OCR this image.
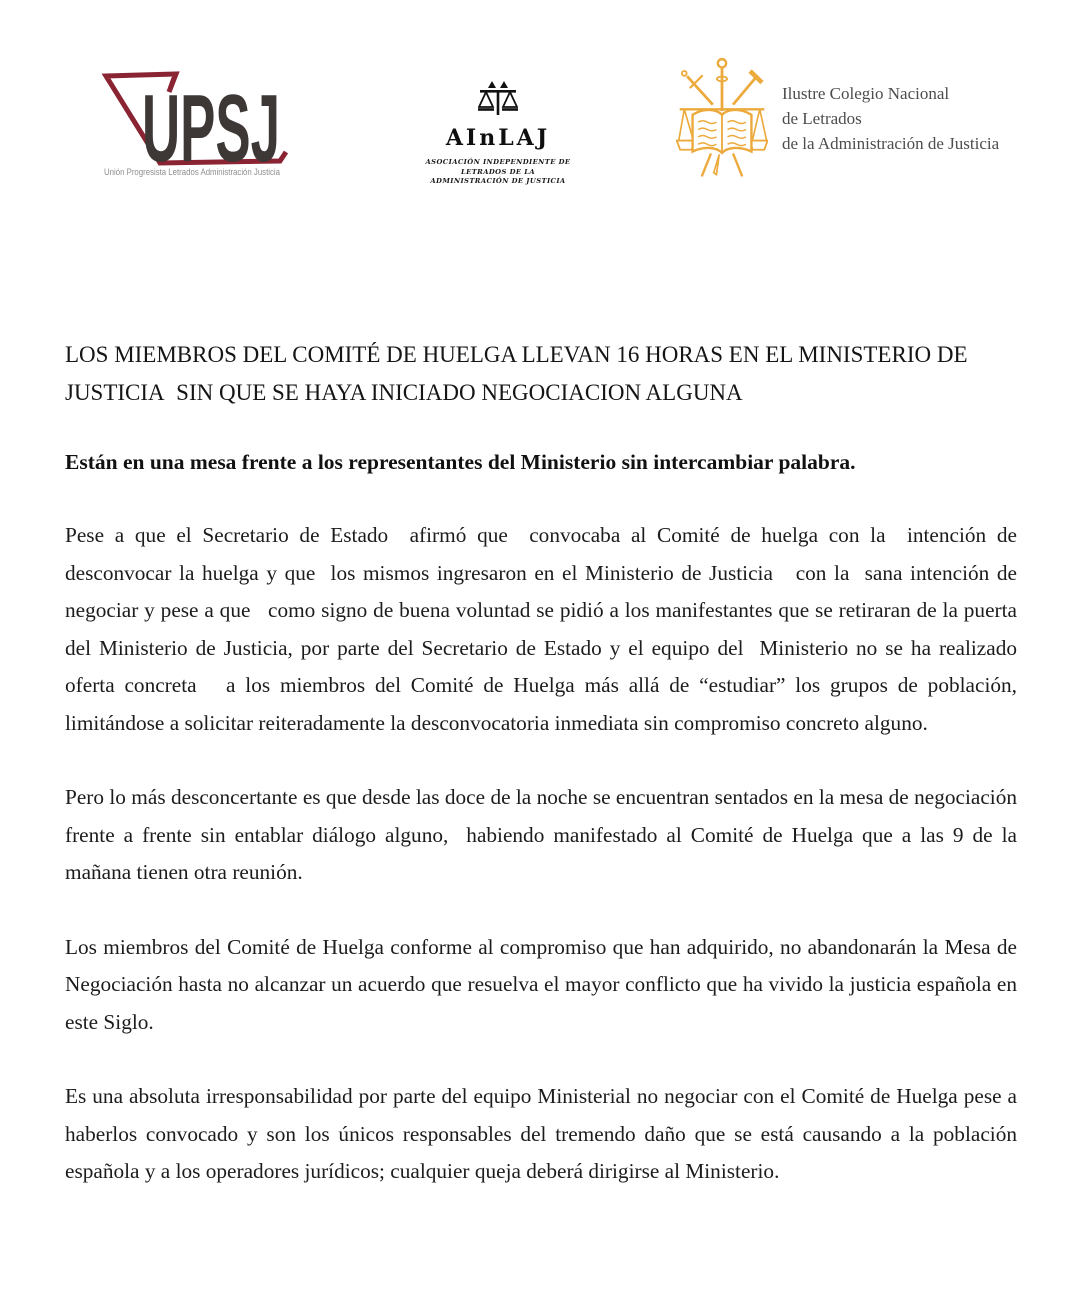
UPSJ
Unión Progresista Letrados Administración Justicia
AInLAJ
ASOCIACIÓN INDEPENDIENTE DE LETRADOS DE LA
ADMINISTRACIÓN DE JUSTICIA
Ilustre Colegio Nacional
de Letrados
de la Administración de Justicia
LOS MIEMBROS DEL COMITÉ DE HUELGA LLEVAN 16 HORAS EN EL MINISTERIO DE JUSTICIA  SIN QUE SE HAYA INICIADO NEGOCIACION ALGUNA

Están en una mesa frente a los representantes del Ministerio sin intercambiar palabra.

Pese a que el Secretario de Estado  afirmó que  convocaba al Comité de huelga con la  intención de desconvocar la huelga y que  los mismos ingresaron en el Ministerio de Justicia   con la  sana intención de negociar y pese a que   como signo de buena voluntad se pidió a los manifestantes que se retiraran de la puerta del Ministerio de Justicia, por parte del Secretario de Estado y el equipo del  Ministerio no se ha realizado oferta concreta   a los miembros del Comité de Huelga más allá de “estudiar” los grupos de población, limitándose a solicitar reiteradamente la desconvocatoria inmediata sin compromiso concreto alguno.

Pero lo más desconcertante es que desde las doce de la noche se encuentran sentados en la mesa de negociación frente a frente sin entablar diálogo alguno,  habiendo manifestado al Comité de Huelga que a las 9 de la mañana tienen otra reunión.

Los miembros del Comité de Huelga conforme al compromiso que han adquirido, no abandonarán la Mesa de Negociación hasta no alcanzar un acuerdo que resuelva el mayor conflicto que ha vivido la justicia española en este Siglo.

Es una absoluta irresponsabilidad por parte del equipo Ministerial no negociar con el Comité de Huelga pese a haberlos convocado y son los únicos responsables del tremendo daño que se está causando a la población española y a los operadores jurídicos; cualquier queja deberá dirigirse al Ministerio.
